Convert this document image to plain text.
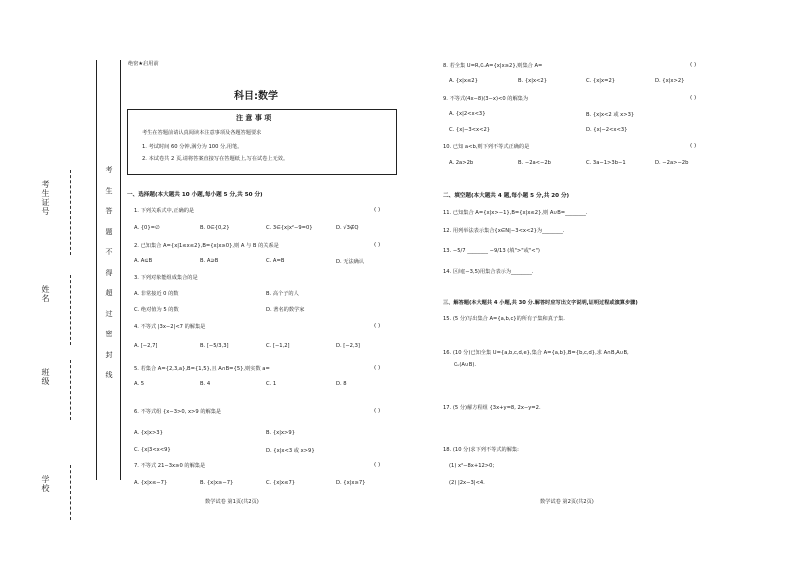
考生证号
姓名
班级
学校
考
生
答
题
不
得
超
过
密
封
线
绝密★启用前
科目:数学
注 意 事 项
考生在答题前请认真阅读本注意事项及各题答题要求
1. 考试时间 60 分钟,满分为 100 分,用笔。
2. 本试卷共 2 页,请将答案直接写在答题纸上,写在试卷上无效。
一、选择题(本大题共 10 小题,每小题 5 分,共 50 分)
1. 下列关系式中,正确的是	( )
A. {0}=∅	B. 0∈{0,2}	C. 3∈{x|x²−9=0}	D. √3∉Q
2. 已知集合 A={x|1≤x≤2},B={x|x≥0},则 A 与 B 的关系是	( )
A. A⊆B	B. A⊇B	C. A=B	D. 无法确认
3. 下列对象能组成集合的是
A. 非常接近 0 的数	B. 高个子的人
C. 绝对值为 5 的数	D. 著名的数学家
4. 不等式 |3x−2|<7 的解集是	( )
A. [−2,7]	B. [−5/3,3]	C. [−1,2]	D. [−2,3]
5. 若集合 A={2,3,a},B={1,5},且 A∩B={5},则实数 a=	( )
A. 5	B. 4	C. 1	D. 8
6. 不等式组 {x−3>0, x>9 的解集是	( )
A. {x|x>3}	B. {x|x>9}
C. {x|3<x<9}	D. {x|x<3 或 x>9}
7. 不等式 21−3x≥0 的解集是	( )
A. {x|x≤−7}	B. {x|x≥−7}	C. {x|x≤7}	D. {x|x≥7}
数学试卷 第1页(共2页)
8. 若全集 U=R,∁ᵤA={x|x≥2},则集合 A=	( )
A. {x|x≤2}	B. {x|x<2}	C. {x|x=2}	D. {x|x>2}
9. 不等式(4x−8)(3−x)<0 的解集为	( )
A. {x|2<x<3}	B. {x|x<2 或 x>3}
C. {x|−3<x<2}	D. {x|−2<x<3}
10. 已知 a<b,则下列不等式正确的是	( )
A. 2a>2b	B. −2a<−2b	C. 3a−1>3b−1	D. −2a>−2b
二、填空题(本大题共 4 题,每小题 5 分,共 20 分)
11. 已知集合 A={x|x>−1},B={x|x≤2},则 A∪B=________.
12. 用列举法表示集合{x∈N|−3<x<2}为________.
13. −5/7 ________ −9/13 (填">"或"<")
14. 区间[−3,5)用集合表示为________.
三、解答题(本大题共 4 小题,共 30 分.解答时应写出文字说明,证明过程或演算步骤)
15. (5 分)写出集合 A={a,b,c}的所有子集和真子集.
16. (10 分)已知全集 U={a,b,c,d,e},集合 A={a,b},B={b,c,d},求 A∩B,A∪B,
∁ᵤ(A∪B).
17. (5 分)解方程组 {3x+y=8, 2x−y=2.
18. (10 分)求下列不等式的解集:
(1) x²−8x+12>0;
(2) |2x−3|<4.
数学试卷 第2页(共2页)
